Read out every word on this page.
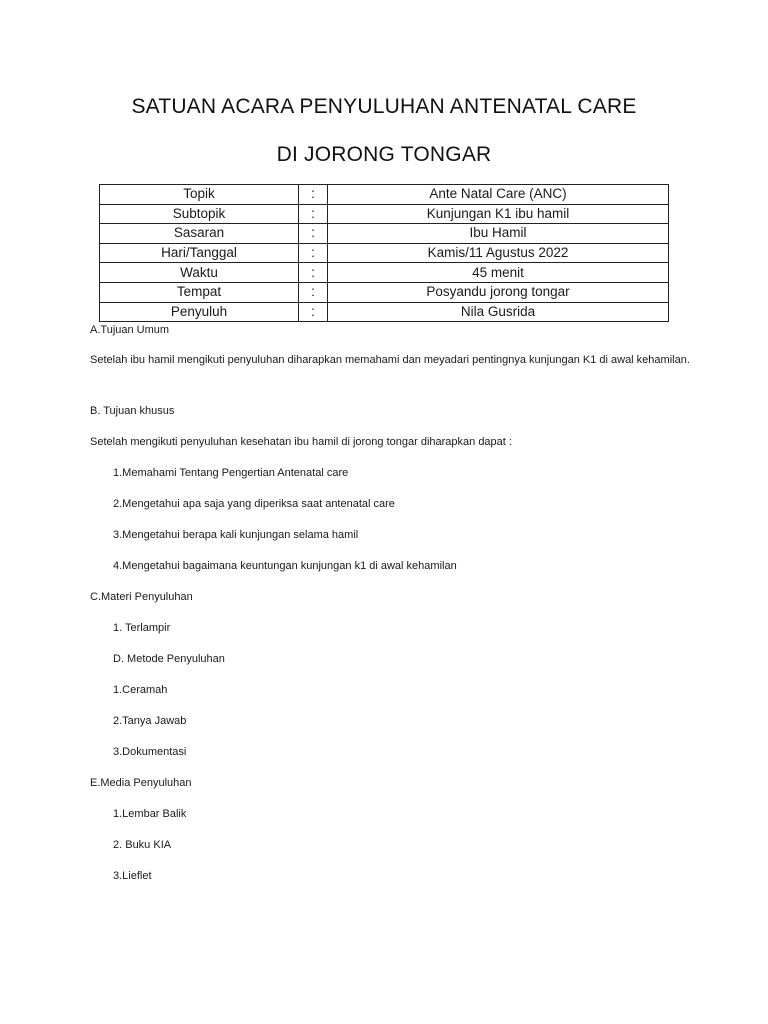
SATUAN ACARA PENYULUHAN ANTENATAL CARE
DI JORONG TONGAR
Topik	:	Ante Natal Care (ANC)
Subtopik	:	Kunjungan K1 ibu hamil
Sasaran	:	Ibu Hamil
Hari/Tanggal	:	Kamis/11 Agustus 2022
Waktu	:	45 menit
Tempat	:	Posyandu jorong tongar
Penyuluh	:	Nila Gusrida
A.Tujuan Umum
Setelah ibu hamil mengikuti penyuluhan diharapkan memahami dan meyadari pentingnya kunjungan K1 di awal kehamilan.
B. Tujuan khusus
Setelah mengikuti penyuluhan kesehatan ibu hamil di jorong tongar diharapkan dapat :
1.Memahami Tentang Pengertian Antenatal care
2.Mengetahui apa saja yang diperiksa saat antenatal care
3.Mengetahui berapa kali kunjungan selama hamil
4.Mengetahui bagaimana keuntungan kunjungan k1 di awal kehamilan
C.Materi Penyuluhan
1. Terlampir
D. Metode Penyuluhan
1.Ceramah
2.Tanya Jawab
3.Dokumentasi
E.Media Penyuluhan
1.Lembar Balik
2. Buku KIA
3.Lieflet
